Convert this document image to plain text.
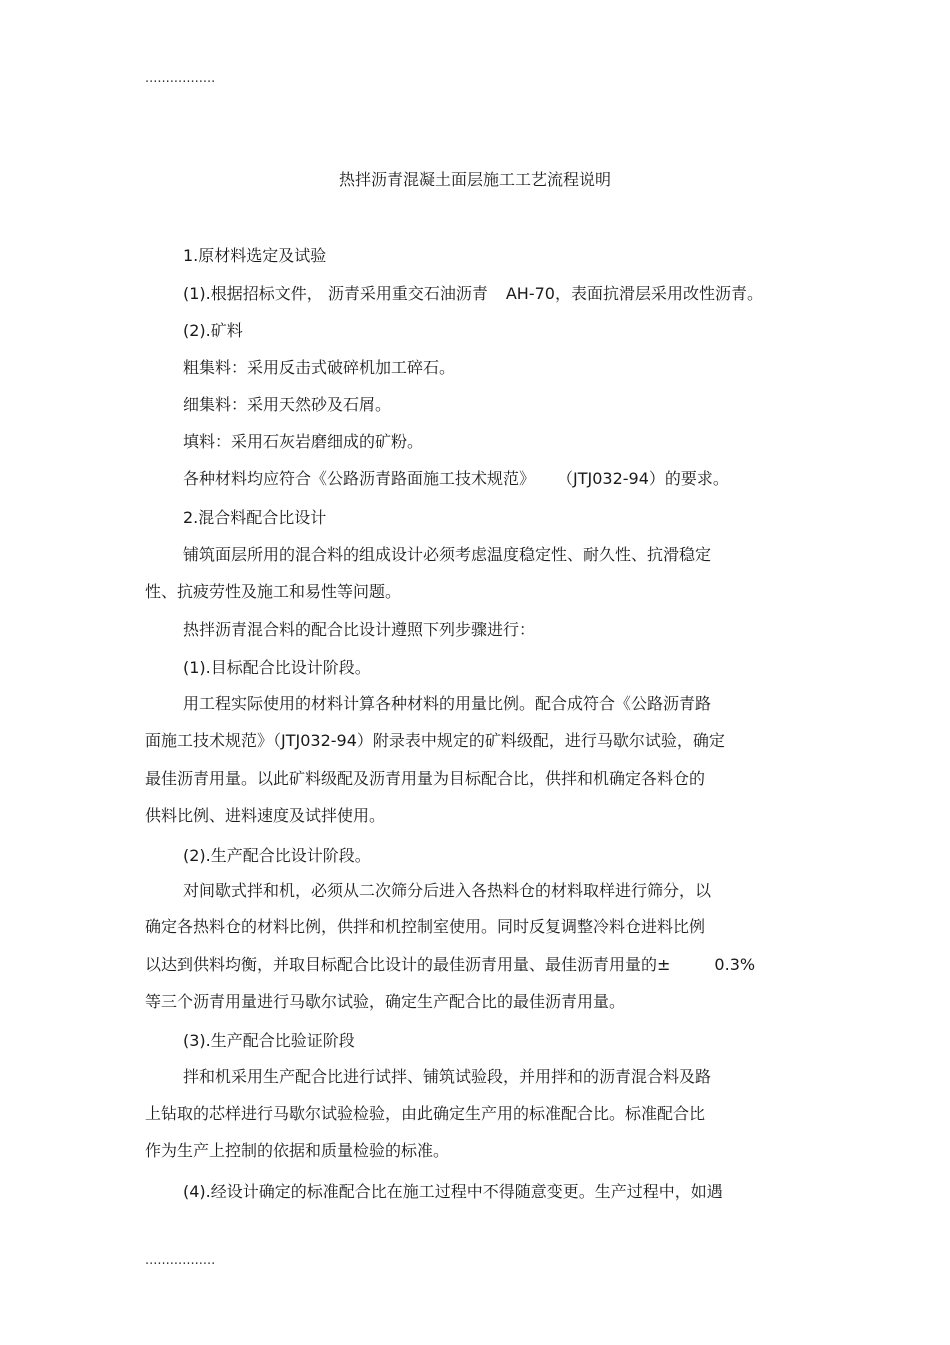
.................
热拌沥青混凝土面层施工工艺流程说明
1.原材料选定及试验
(1).根据招标文件， 沥青采用重交石油沥青 AH-70，表面抗滑层采用改性沥青。
(2).矿料
粗集料：采用反击式破碎机加工碎石。
细集料：采用天然砂及石屑。
填料：采用石灰岩磨细成的矿粉。
各种材料均应符合《公路沥青路面施工技术规范》 （JTJ032-94）的要求。
2.混合料配合比设计
铺筑面层所用的混合料的组成设计必须考虑温度稳定性、耐久性、抗滑稳定
性、抗疲劳性及施工和易性等问题。
热拌沥青混合料的配合比设计遵照下列步骤进行：
(1).目标配合比设计阶段。
用工程实际使用的材料计算各种材料的用量比例。配合成符合《公路沥青路
面施工技术规范》（JTJ032-94）附录表中规定的矿料级配，进行马歇尔试验，确定
最佳沥青用量。以此矿料级配及沥青用量为目标配合比，供拌和机确定各料仓的
供料比例、进料速度及试拌使用。
(2).生产配合比设计阶段。
对间歇式拌和机，必须从二次筛分后进入各热料仓的材料取样进行筛分，以
确定各热料仓的材料比例，供拌和机控制室使用。同时反复调整冷料仓进料比例
以达到供料均衡，并取目标配合比设计的最佳沥青用量、最佳沥青用量的±	0.3%
等三个沥青用量进行马歇尔试验，确定生产配合比的最佳沥青用量。
(3).生产配合比验证阶段
拌和机采用生产配合比进行试拌、铺筑试验段，并用拌和的沥青混合料及路
上钻取的芯样进行马歇尔试验检验，由此确定生产用的标准配合比。标准配合比
作为生产上控制的依据和质量检验的标准。
(4).经设计确定的标准配合比在施工过程中不得随意变更。生产过程中，如遇
.................
